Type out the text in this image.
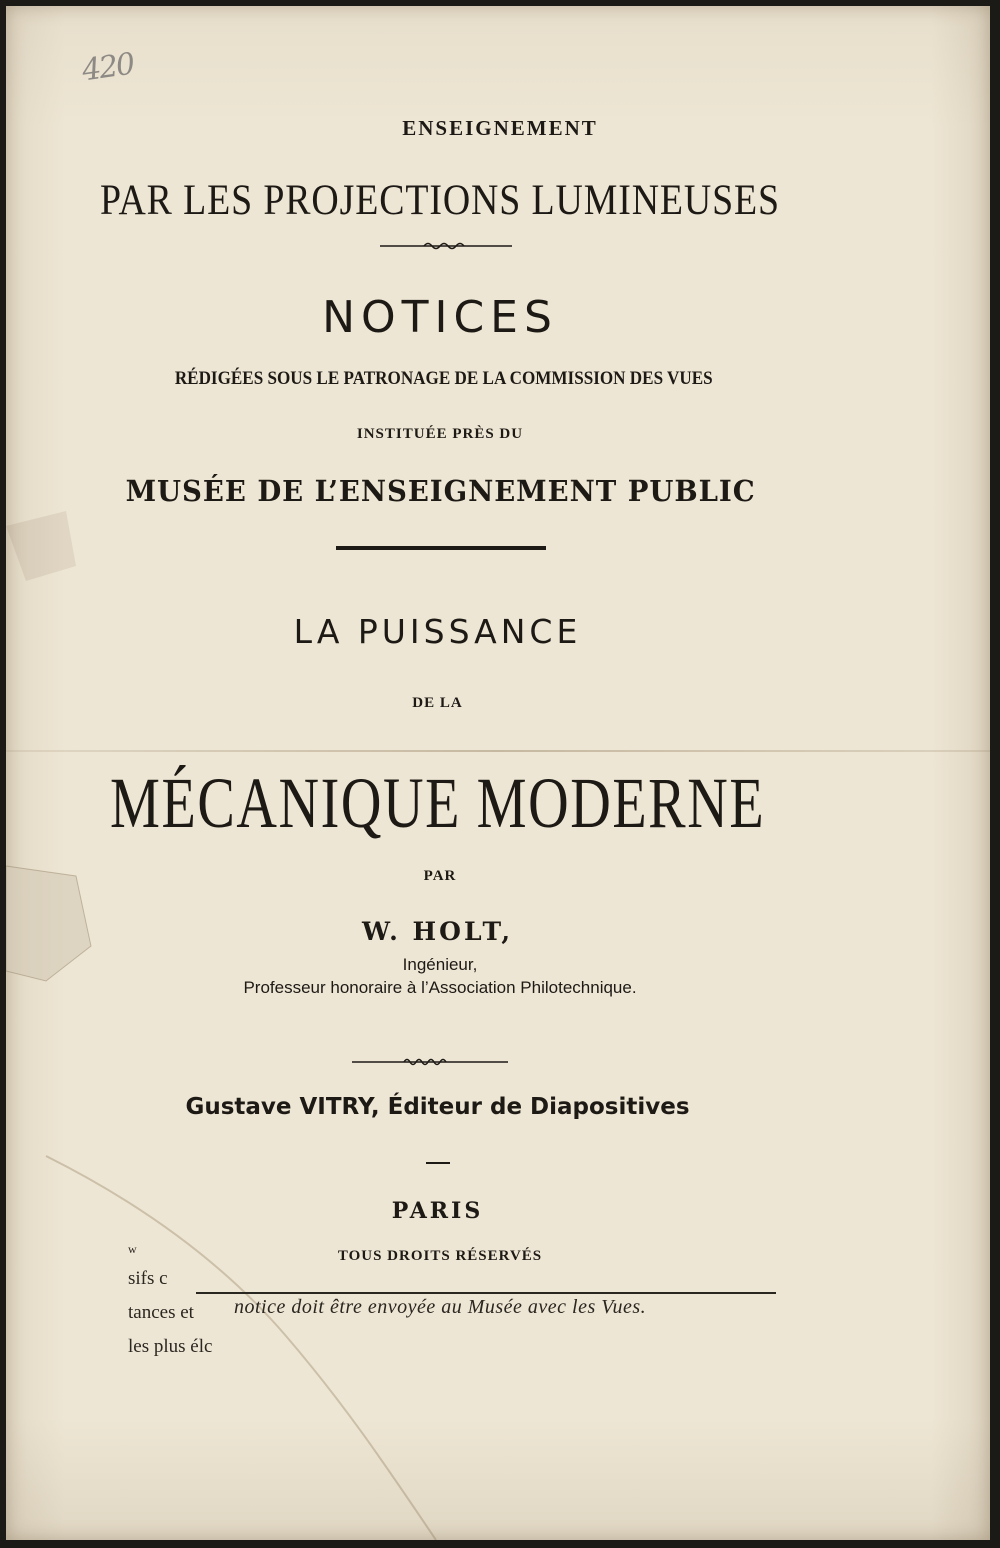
420
ENSEIGNEMENT
PAR LES PROJECTIONS LUMINEUSES
NOTICES
RÉDIGÉES SOUS LE PATRONAGE DE LA COMMISSION DES VUES
INSTITUÉE PRÈS DU
MUSÉE DE L’ENSEIGNEMENT PUBLIC
LA PUISSANCE
DE LA
MÉCANIQUE MODERNE
PAR
W. HOLT,
Ingénieur,
Professeur honoraire à l’Association Philotechnique.
Gustave VITRY, Éditeur de Diapositives
PARIS
TOUS DROITS RÉSERVÉS
w
sifs c
tances et
les plus élc
notice doit être envoyée au Musée avec les Vues.
